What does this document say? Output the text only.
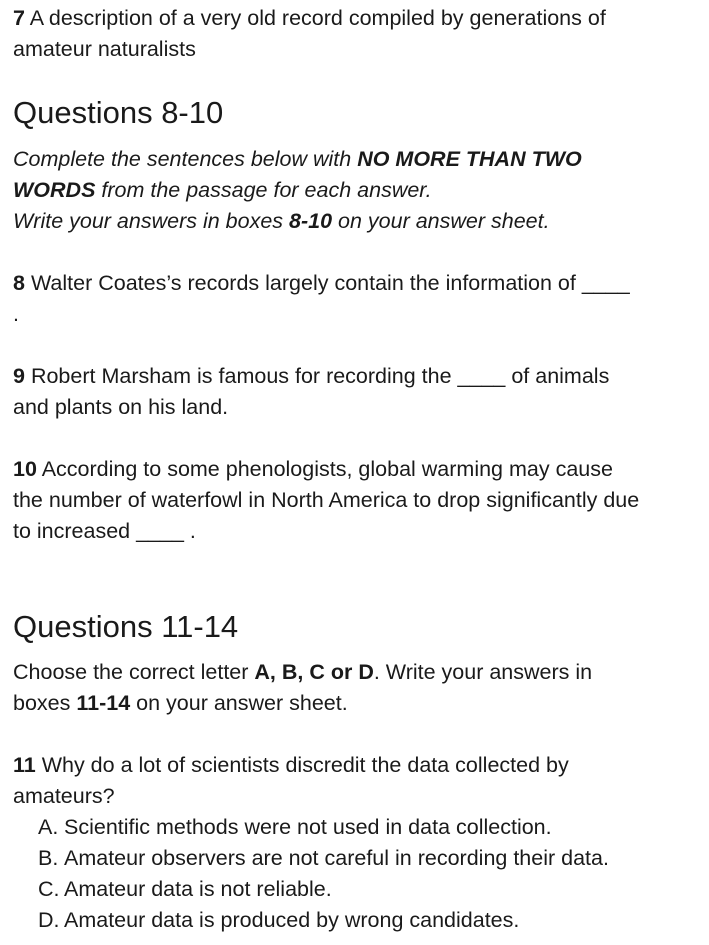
7 A description of a very old record compiled by generations of

amateur naturalists

Questions 8-10

Complete the sentences below with NO MORE THAN TWO

WORDS from the passage for each answer.

Write your answers in boxes 8-10 on your answer sheet.

8 Walter Coates’s records largely contain the information of ____

.

9 Robert Marsham is famous for recording the ____ of animals

and plants on his land.

10 According to some phenologists, global warming may cause

the number of waterfowl in North America to drop significantly due

to increased ____ .

Questions 11-14

Choose the correct letter A, B, C or D. Write your answers in

boxes 11-14 on your answer sheet.

11 Why do a lot of scientists discredit the data collected by

amateurs?

A. Scientific methods were not used in data collection.
B. Amateur observers are not careful in recording their data.
C. Amateur data is not reliable.
D. Amateur data is produced by wrong candidates.
